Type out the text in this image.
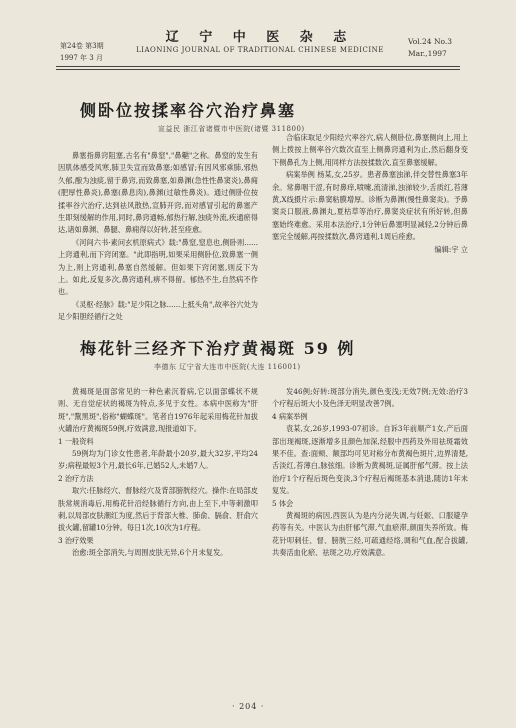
第24卷 第3期
1997 年 3 月
辽 宁 中 医 杂 志
LIAONING JOURNAL OF TRADITIONAL CHINESE MEDICINE
Vol.24 No.3
Mar.,1997
侧卧位按揉率谷穴治疗鼻塞
宣益民 浙江省诸暨市中医院(诸暨 311800)

鼻塞指鼻窍阻塞,古名有"鼻窒","鼻齆"之称。鼻窒的发生有因肌体感受风寒,肺卫失宣而致鼻塞;如感冒;有因风邪乘肺,邪热久郁,酿为浊痰,留于鼻窍,而致鼻塞,如鼻渊(急性性鼻窦炎),鼻痈(肥厚性鼻炎),鼻塞(鼻息肉),鼻渊(过敏性鼻炎)。通过侧卧位按揉率谷穴治疗,达到祛风散热,宣肺开窍,而对感冒引起的鼻塞产生即刻缓解的作用,同时,鼻窍通畅,郁热行解,浊痰外流,疾通瘀得达,诸如鼻渊、鼻腿、鼻痈得以好转,甚至痊愈。

《河间六书·素问玄机原病式》载:"鼻窒,窒息也,侧卧则......上窍通利,而下窍闭塞。"此即指明,如果采用侧卧位,致鼻塞一侧为上,则上窍通利,鼻塞自然缓解。但如果下窍闭塞,则反下为上。如此,反复多次,鼻窍通利,痹不得留。郁热不生,自然病不作也。

《灵枢·经脉》载:"足少阳之脉......上抵头角",故率谷穴处为足少阳胆经循行之处

合临床取足少阳经穴率谷穴,病人侧卧位,鼻塞侧向上,用上侧上拨按上侧率谷穴数次直至上侧鼻窍通利为止,然后翻身变下侧鼻孔为上侧,用同样方法按揉数次,直至鼻塞缓解。

病案举例 杨某,女,25岁。患者鼻塞浊涕,伴交替性鼻塞3年余。常鼻咽干涩,有时鼻痒,喷嚏,流清涕,浊涕较少,舌质红,苔薄黄,X线摄片示:鼻窦粘膜增厚。诊断为鼻渊(慢性鼻窦炎)。予鼻窦炎口服液,鼻渊丸,夏枯草等治疗,鼻窦炎症状有所好转,但鼻塞始终难愈。采用本法治疗,1分钟后鼻塞明显减轻,2分钟后鼻塞完全缓解,再按揉数次,鼻窍通利,1周后痊愈。

编辑:宇 立

梅花针三经齐下治疗黄褐斑 59 例
李德东 辽宁省大连市中医院(大连 116001)

黄褐斑是面部常见的一种色素沉着病,它以面部蝶状不规则、无自觉症状的褐斑为特点,多见于女性。本病中医称为"肝斑","黧黑斑",俗称"蝴蝶斑"。笔者自1976年起采用梅花针加拔火罐治疗黄褐斑59例,疗效满意,现报道如下。

1 一般资料

59例均为门诊女性患者,年龄最小20岁,最大32岁,平均24岁;病程最短3个月,最长6年,已婚52人,未婚7人。

2 治疗方法

取穴:任脉经穴、督脉经穴及背部膀胱经穴。操作:在局部皮肤常规消毒后,用梅花针沿经脉循行方向,由上至下,中等刺激叩刺,以局部皮肤潮红为度,然后于背部大椎、肺俞、膈俞、肝俞穴拔火罐,留罐10分钟。每日1次,10次为1疗程。

3 治疗效果

治愈:斑全部消失,与周围皮肤无异,6个月未复发。

发46例;好转:斑部分消失,颜色变浅;无效7例;无效:治疗3个疗程后斑大小及色泽无明显改善7例。

4 病案举例

袁某,女,26岁,1993-07初诊。自诉3年前顺产1女,产后面部出现褐斑,逐渐增多且颜色加深,经服中西药及外用祛斑霜效果不佳。查:面颊、额部均可见对称分布黄褐色斑片,边界清楚,舌淡红,苔薄白,脉弦细。诊断为黄褐斑,证属肝郁气滞。按上法治疗1个疗程后斑色变淡,3个疗程后褐斑基本消退,随访1年未复发。

5 体会

黄褐斑的病因,西医认为是内分泌失调,与妊娠、口服避孕药等有关。中医认为由肝郁气滞,气血瘀滞,颜面失养所致。梅花针叩刺任、督、膀胱三经,可疏通经络,调和气血,配合拔罐,共奏活血化瘀、祛斑之功,疗效满意。

· 204 ·
